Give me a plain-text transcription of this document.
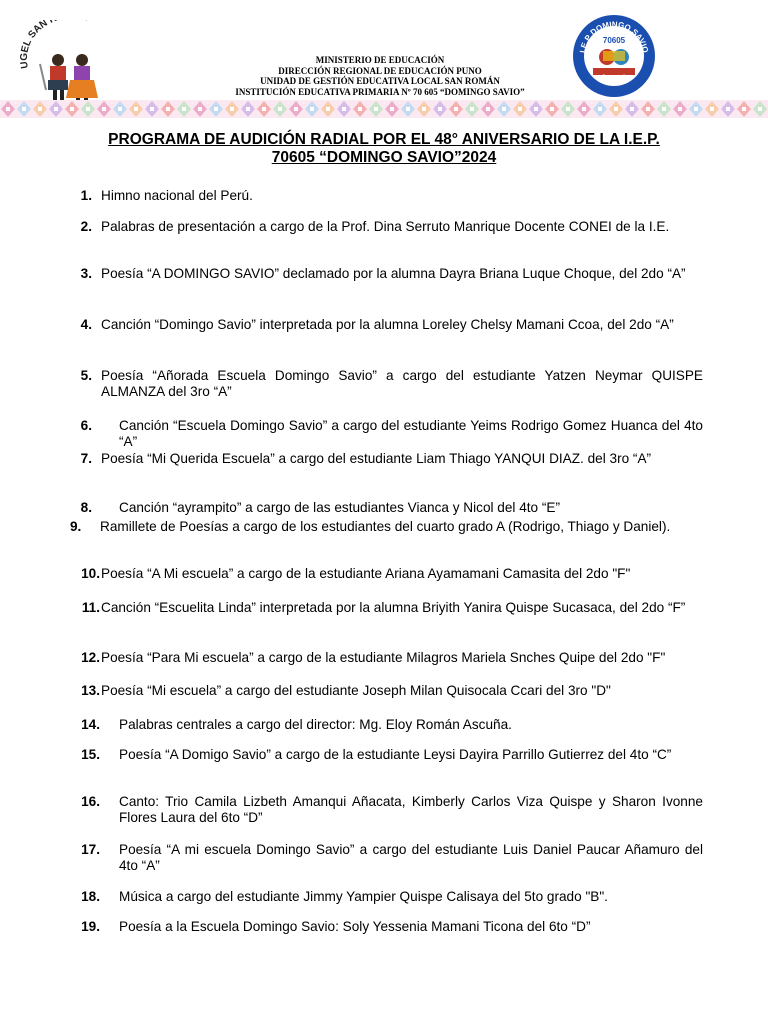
U EL SAN
MINISTERIO DE EDUCACIÓN
DIRECCIÓN REGIONAL DE EDUCACIÓN PUNO
UNIDAD DE GESTIÓN EDUCATIVA LOCAL SAN ROMÁN
INSTITUCIÓN EDUCATIVA PRIMARIA Nº 70 605 “DOMINGO SAVIO”
I.E.P DOMINGO SAVIO
70605
JULIACA
PROGRAMA DE AUDICIÓN RADIAL POR EL 48° ANIVERSARIO DE LA I.E.P.
70605 “DOMINGO SAVIO”2024
1. Himno nacional del Perú.
2. Palabras de presentación a cargo de la Prof. Dina Serruto Manrique Docente CONEI de la I.E.
3. Poesía “A DOMINGO SAVIO” declamado por la alumna Dayra Briana Luque Choque, del 2do “A”
4. Canción “Domingo Savio” interpretada por la alumna Loreley Chelsy Mamani Ccoa, del 2do “A”
5. Poesía “Añorada Escuela Domingo Savio” a cargo del estudiante Yatzen Neymar QUISPE ALMANZA del 3ro “A”
6. Canción “Escuela Domingo Savio” a cargo del estudiante Yeims Rodrigo Gomez Huanca del 4to “A”
7. Poesía “Mi Querida Escuela” a cargo del estudiante Liam Thiago YANQUI DIAZ. del 3ro “A”
8. Canción “ayrampito” a cargo de las estudiantes Vianca y Nicol del 4to “E”
9.	Ramillete de Poesías a cargo de los estudiantes del cuarto grado A (Rodrigo, Thiago y Daniel).
10. Poesía “A Mi escuela” a cargo de la estudiante Ariana Ayamamani Camasita del 2do "F"
11. Canción “Escuelita Linda” interpretada por la alumna Briyith Yanira Quispe Sucasaca, del 2do “F”
12. Poesía “Para Mi escuela” a cargo de la estudiante Milagros Mariela Snches Quipe del 2do "F"
13. Poesía “Mi escuela” a cargo del estudiante Joseph Milan Quisocala Ccari del 3ro "D"
14. Palabras centrales a cargo del director: Mg. Eloy Román Ascuña.
15. Poesía “A Domigo Savio” a cargo de la estudiante Leysi Dayira Parrillo Gutierrez del 4to “C”
16. Canto: Trio Camila Lizbeth Amanqui Añacata, Kimberly Carlos Viza Quispe y Sharon Ivonne Flores Laura del 6to “D”
17. Poesía “A mi escuela Domingo Savio” a cargo del estudiante Luis Daniel Paucar Añamuro del 4to “A”
18. Música a cargo del estudiante Jimmy Yampier Quispe Calisaya del 5to grado "B".
19. Poesía a la Escuela Domingo Savio: Soly Yessenia Mamani Ticona del 6to “D”
